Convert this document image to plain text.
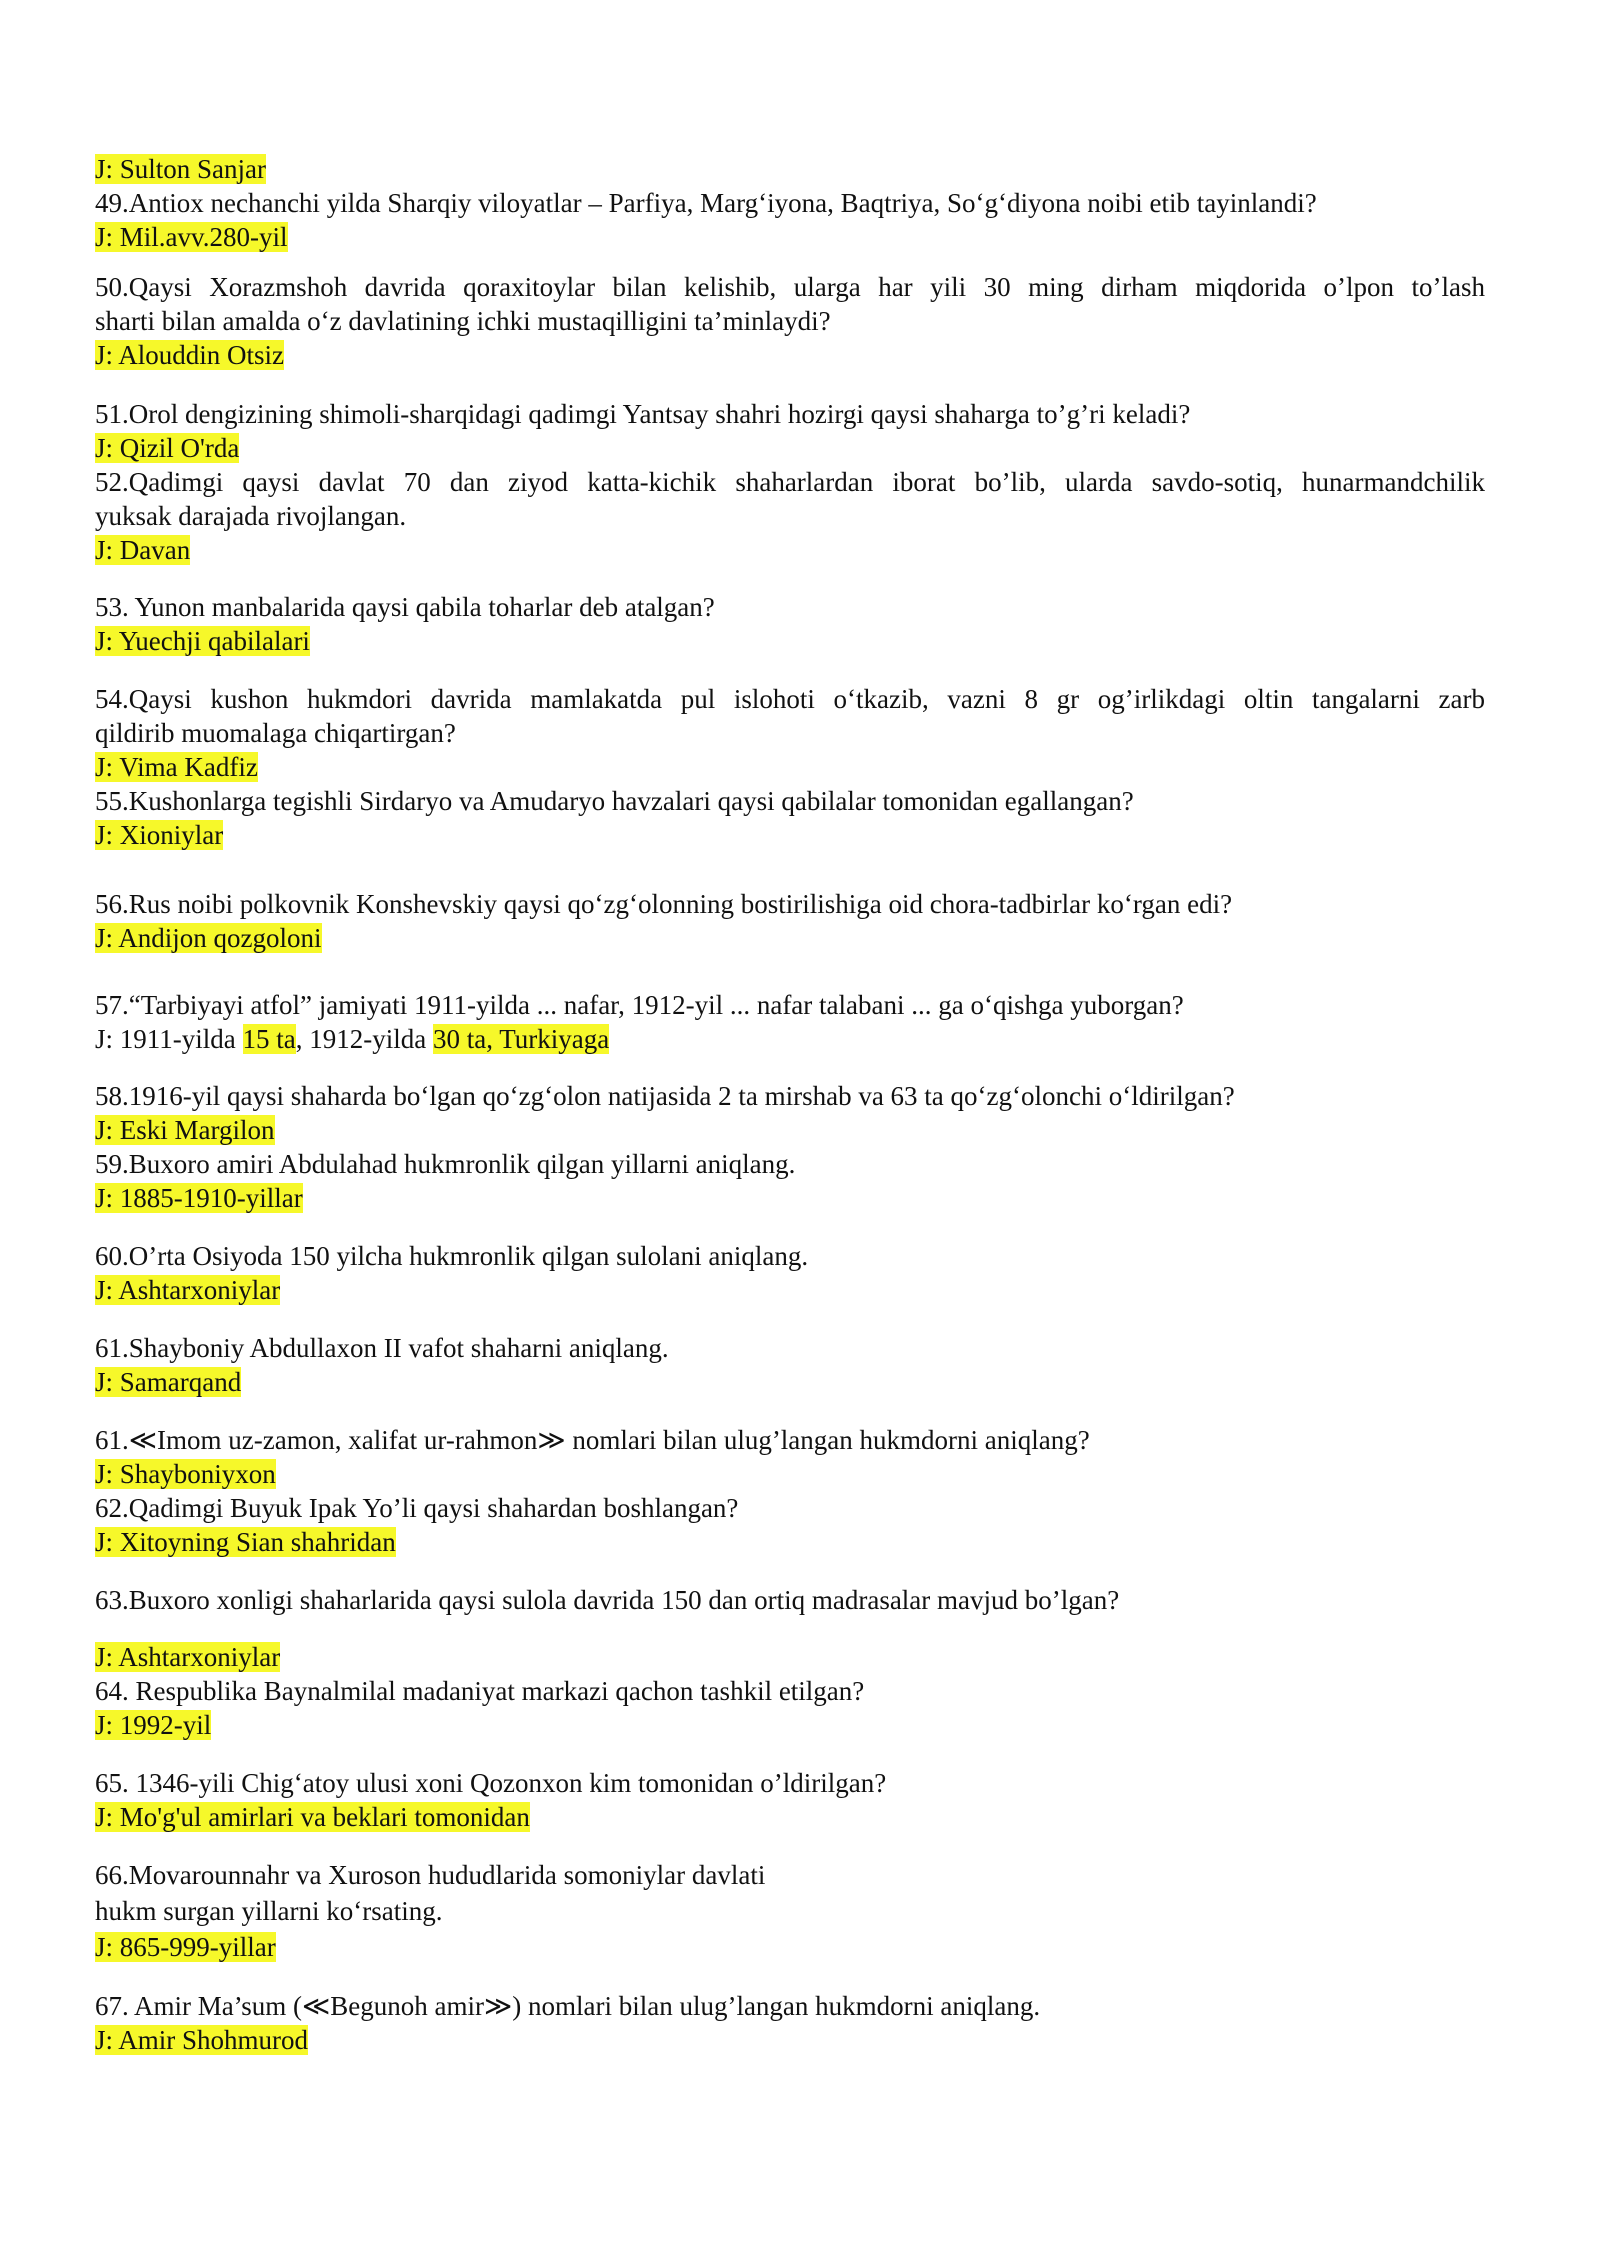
J: Sulton Sanjar
49.Antiox nechanchi yilda Sharqiy viloyatlar – Parfiya, Margʻiyona, Baqtriya, Soʻgʻdiyona noibi etib tayinlandi?
J: Mil.avv.280-yil
50.Qaysi Xorazmshoh davrida qoraxitoylar bilan kelishib, ularga har yili 30 ming dirham miqdorida o’lpon to’lash
sharti bilan amalda oʻz davlatining ichki mustaqilligini ta’minlaydi?
J: Alouddin Otsiz
51.Orol dengizining shimoli-sharqidagi qadimgi Yantsay shahri hozirgi qaysi shaharga to’g’ri keladi?
J: Qizil O'rda
52.Qadimgi qaysi davlat 70 dan ziyod katta-kichik shaharlardan iborat bo’lib, ularda savdo-sotiq, hunarmandchilik
yuksak darajada rivojlangan.
J: Davan
53. Yunon manbalarida qaysi qabila toharlar deb atalgan?
J: Yuechji qabilalari
54.Qaysi kushon hukmdori davrida mamlakatda pul islohoti oʻtkazib, vazni 8 gr og’irlikdagi oltin tangalarni zarb
qildirib muomalaga chiqartirgan?
J: Vima Kadfiz
55.Kushonlarga tegishli Sirdaryo va Amudaryo havzalari qaysi qabilalar tomonidan egallangan?
J: Xioniylar
56.Rus noibi polkovnik Konshevskiy qaysi qoʻzgʻolonning bostirilishiga oid chora-tadbirlar koʻrgan edi?
J: Andijon qozgoloni
57.“Tarbiyayi atfol” jamiyati 1911-yilda ... nafar, 1912-yil ... nafar talabani ... ga oʻqishga yuborgan?
J: 1911-yilda 15 ta, 1912-yilda 30 ta, Turkiyaga
58.1916-yil qaysi shaharda boʻlgan qoʻzgʻolon natijasida 2 ta mirshab va 63 ta qoʻzgʻolonchi oʻldirilgan?
J: Eski Margilon
59.Buxoro amiri Abdulahad hukmronlik qilgan yillarni aniqlang.
J: 1885-1910-yillar
60.O’rta Osiyoda 150 yilcha hukmronlik qilgan sulolani aniqlang.
J: Ashtarxoniylar
61.Shayboniy Abdullaxon II vafot shaharni aniqlang.
J: Samarqand
61.≪Imom uz-zamon, xalifat ur-rahmon≫ nomlari bilan ulug’langan hukmdorni aniqlang?
J: Shayboniyxon
62.Qadimgi Buyuk Ipak Yo’li qaysi shahardan boshlangan?
J: Xitoyning Sian shahridan
63.Buxoro xonligi shaharlarida qaysi sulola davrida 150 dan ortiq madrasalar mavjud bo’lgan?
J: Ashtarxoniylar
64. Respublika Baynalmilal madaniyat markazi qachon tashkil etilgan?
J: 1992-yil
65. 1346-yili Chigʻatoy ulusi xoni Qozonxon kim tomonidan o’ldirilgan?
J: Mo'g'ul amirlari va beklari tomonidan
66.Movarounnahr va Xuroson hududlarida somoniylar davlati
hukm surgan yillarni koʻrsating.
J: 865-999-yillar
67. Amir Ma’sum (≪Begunoh amir≫) nomlari bilan ulug’langan hukmdorni aniqlang.
J: Amir Shohmurod
